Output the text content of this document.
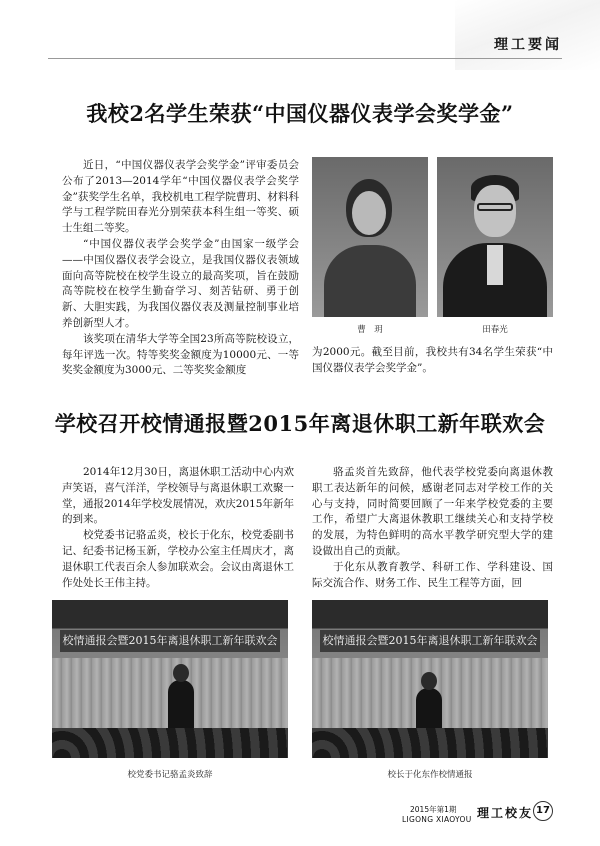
理工要闻
我校2名学生荣获“中国仪器仪表学会奖学金”

近日，“中国仪器仪表学会奖学金”评审委员会公布了2013—2014学年“中国仪器仪表学会奖学金”获奖学生名单，我校机电工程学院曹玥、材料科学与工程学院田春光分别荣获本科生组一等奖、硕士生组二等奖。

“中国仪器仪表学会奖学金”由国家一级学会——中国仪器仪表学会设立，是我国仪器仪表领域面向高等院校在校学生设立的最高奖项，旨在鼓励高等院校在校学生勤奋学习、刻苦钻研、勇于创新、大胆实践，为我国仪器仪表及测量控制事业培养创新型人才。

该奖项在清华大学等全国23所高等院校设立，每年评选一次。特等奖奖金额度为10000元、一等奖奖金额度为3000元、二等奖奖金额度

曹　玥	田春光

为2000元。截至目前，我校共有34名学生荣获“中国仪器仪表学会奖学金”。

学校召开校情通报暨2015年离退休职工新年联欢会

2014年12月30日，离退休职工活动中心内欢声笑语，喜气洋洋，学校领导与离退休职工欢聚一堂，通报2014年学校发展情况，欢庆2015年新年的到来。

校党委书记骆孟炎，校长于化东，校党委副书记、纪委书记杨玉新，学校办公室主任周庆才，离退休职工代表百余人参加联欢会。会议由离退休工作处处长王伟主持。

骆孟炎首先致辞，他代表学校党委向离退休教职工表达新年的问候，感谢老同志对学校工作的关心与支持，同时简要回顾了一年来学校党委的主要工作，希望广大离退休教职工继续关心和支持学校的发展，为特色鲜明的高水平教学研究型大学的建设做出自己的贡献。

于化东从教育教学、科研工作、学科建设、国际交流合作、财务工作、民生工程等方面，回

校情通报会暨2015年离退休职工新年联欢会	校情通报会暨2015年离退休职工新年联欢会
校党委书记骆孟炎致辞	校长于化东作校情通报
2015年第1期
LIGONG XIAOYOU 理工校友 17
